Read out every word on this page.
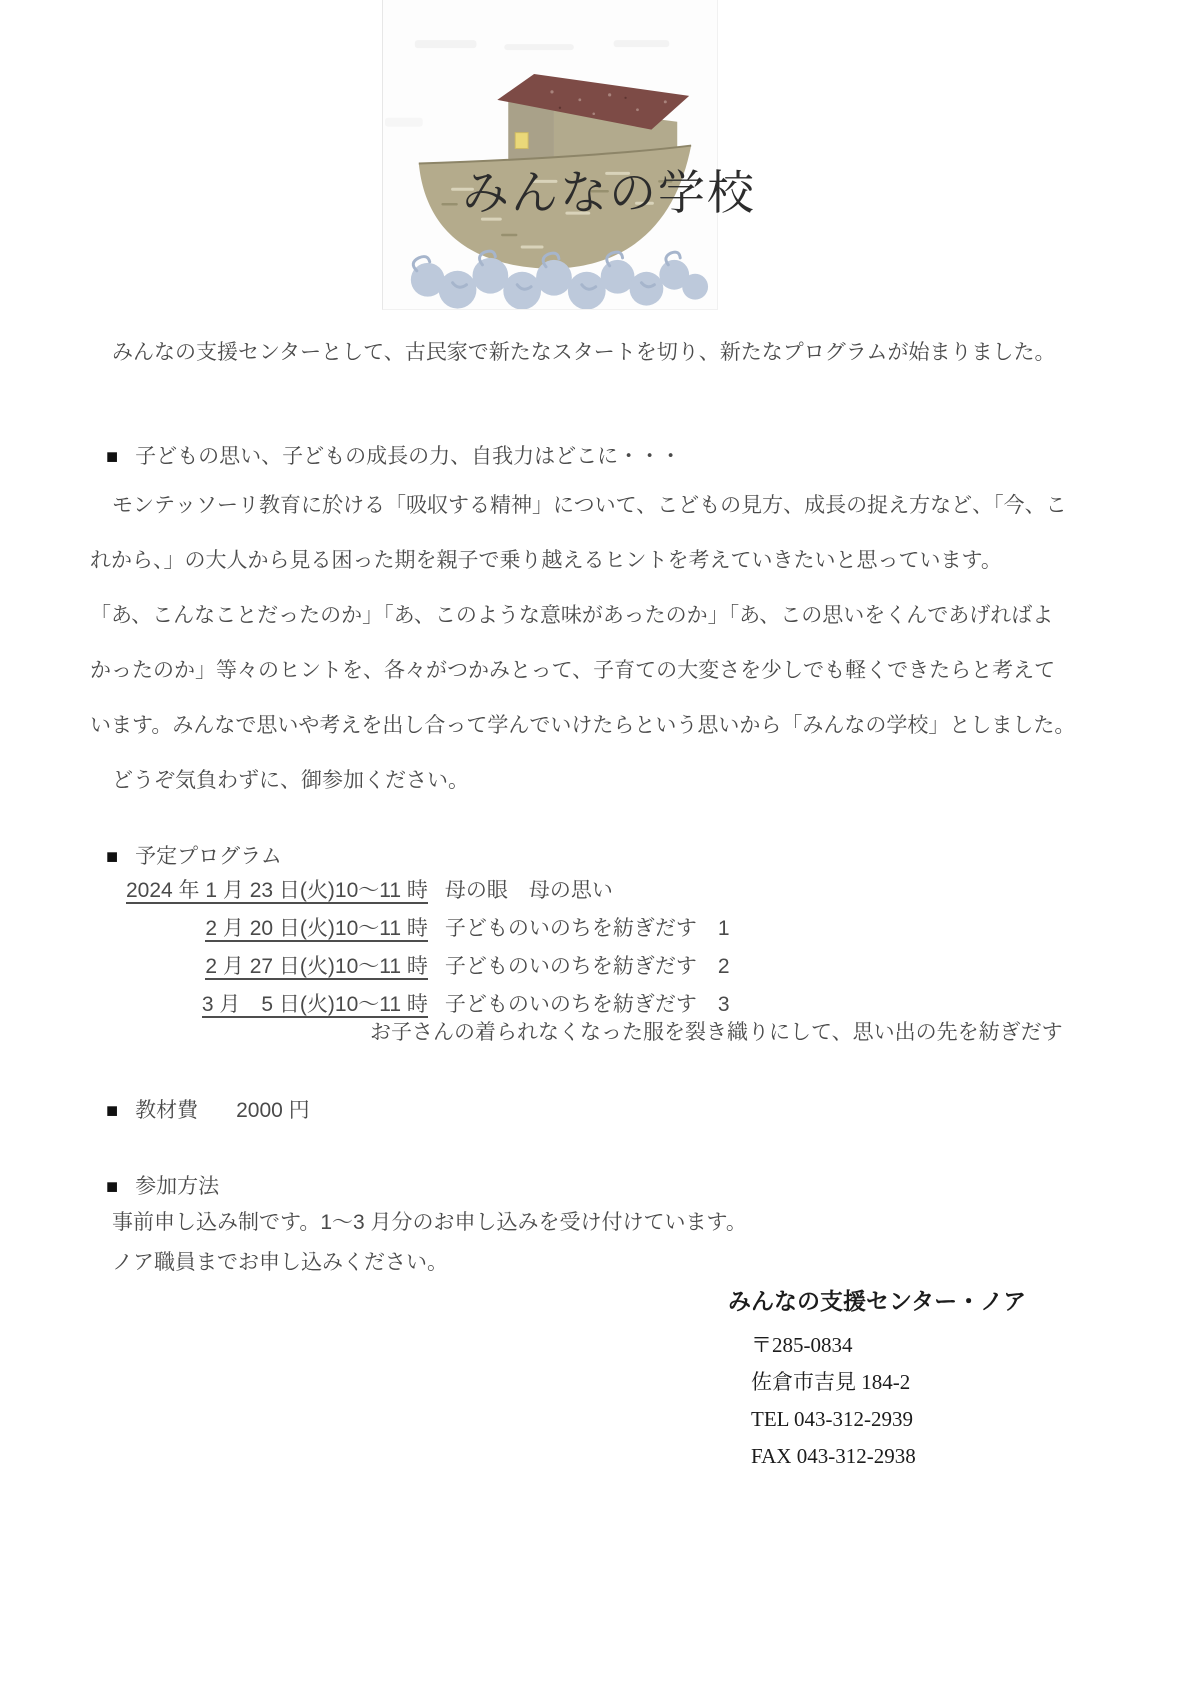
みんなの学校
みんなの支援センターとして、古民家で新たなスタートを切り、新たなプログラムが始まりました。
■ 子どもの思い、子どもの成長の力、自我力はどこに・・・
モンテッソーリ教育に於ける「吸収する精神」について、こどもの見方、成長の捉え方など、「今、こ
れから、」の大人から見る困った期を親子で乗り越えるヒントを考えていきたいと思っています。
「あ、こんなことだったのか」「あ、このような意味があったのか」「あ、この思いをくんであげればよ
かったのか」等々のヒントを、各々がつかみとって、子育ての大変さを少しでも軽くできたらと考えて
います。みんなで思いや考えを出し合って学んでいけたらという思いから「みんなの学校」としました。
どうぞ気負わずに、御参加ください。
■ 予定プログラム
2024 年 1 月 23 日(火)10〜11 時	母の眼　母の思い
2 月 20 日(火)10〜11 時	子どものいのちを紡ぎだす　1
2 月 27 日(火)10〜11 時	子どものいのちを紡ぎだす　2
3 月　5 日(火)10〜11 時	子どものいのちを紡ぎだす　3
お子さんの着られなくなった服を裂き織りにして、思い出の先を紡ぎだす
■ 教材費 2000 円
■ 参加方法
事前申し込み制です。1〜3 月分のお申し込みを受け付けています。
ノア職員までお申し込みください。
みんなの支援センター・ノア
〒285-0834
佐倉市吉見 184-2
TEL 043-312-2939
FAX 043-312-2938
